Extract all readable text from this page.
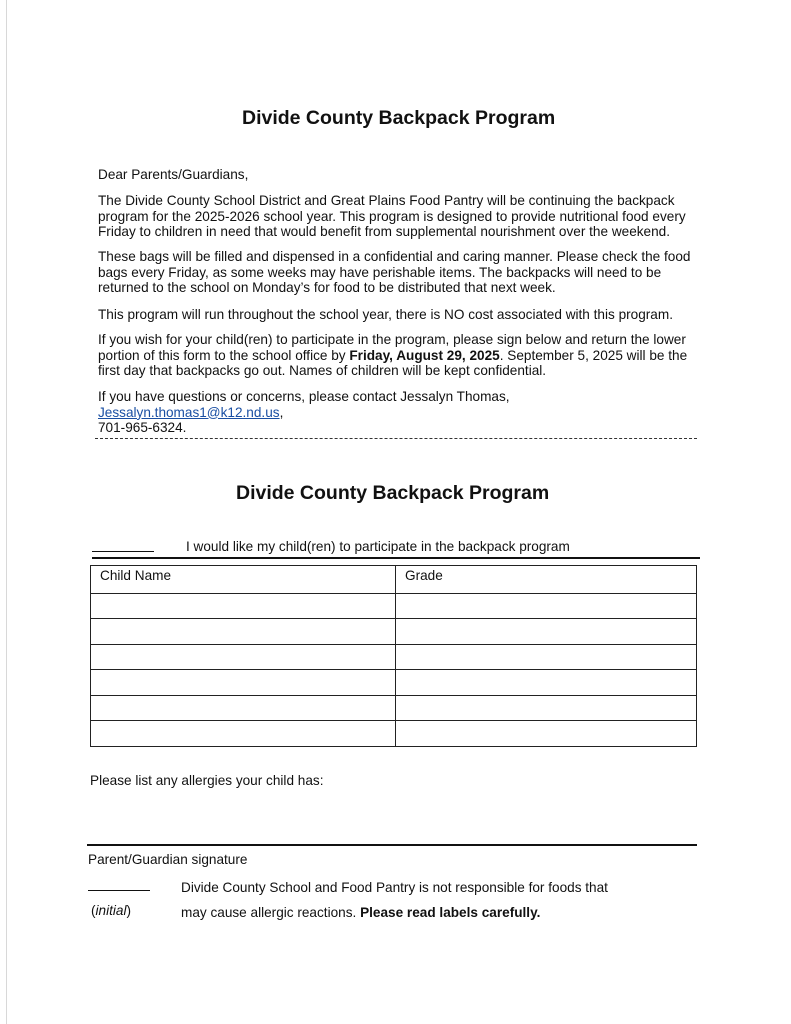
Divide County Backpack Program
Dear Parents/Guardians,
The Divide County School District and Great Plains Food Pantry will be continuing the backpack program for the 2025-2026 school year. This program is designed to provide nutritional food every Friday to children in need that would benefit from supplemental nourishment over the weekend.
These bags will be filled and dispensed in a confidential and caring manner. Please check the food bags every Friday, as some weeks may have perishable items. The backpacks will need to be returned to the school on Monday’s for food to be distributed that next week.
This program will run throughout the school year, there is NO cost associated with this program.
If you wish for your child(ren) to participate in the program, please sign below and return the lower portion of this form to the school office by Friday, August 29, 2025. September 5, 2025 will be the first day that backpacks go out. Names of children will be kept confidential.
If you have questions or concerns, please contact Jessalyn Thomas, Jessalyn.thomas1@k12.nd.us,
701-965-6324.
Divide County Backpack Program
I would like my child(ren) to participate in the backpack program
Child Name	Grade

Please list any allergies your child has:
Parent/Guardian signature
Divide County School and Food Pantry is not responsible for foods that
may cause allergic reactions. Please read labels carefully.
(initial)
